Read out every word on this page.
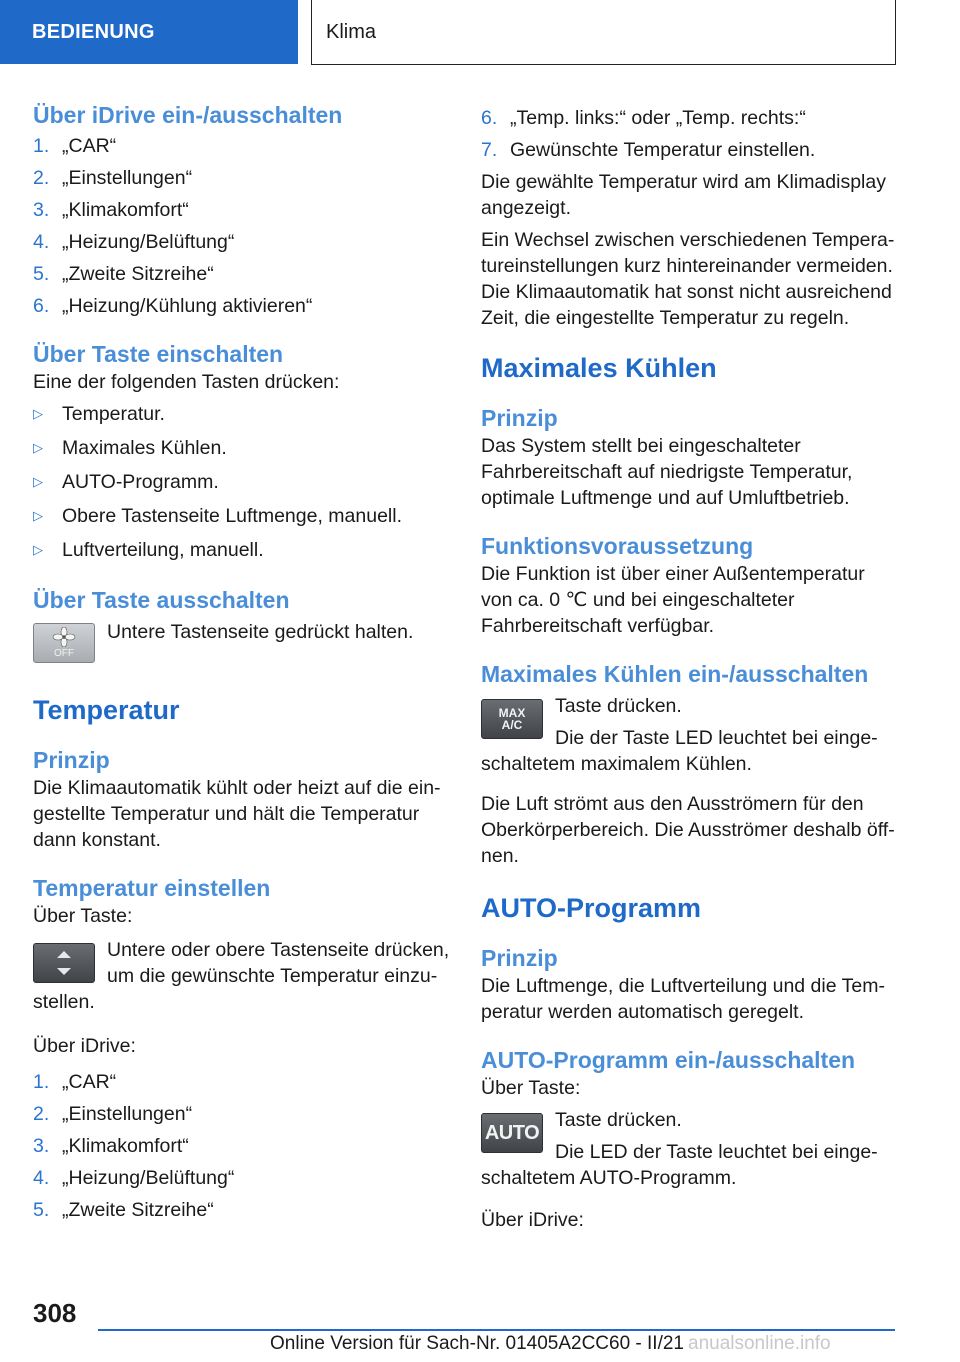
BEDIENUNG	Klima
Über iDrive ein-/ausschalten
1. „CAR“
2. „Einstellungen“
3. „Klimakomfort“
4. „Heizung/Belüftung“
5. „Zweite Sitzreihe“
6. „Heizung/Kühlung aktivieren“
Über Taste einschalten

Eine der folgenden Tasten drücken:

▷ Temperatur.
▷ Maximales Kühlen.
▷ AUTO-Programm.
▷ Obere Tastenseite Luftmenge, manuell.
▷ Luftverteilung, manuell.
Über Taste ausschalten
OFF

Untere Tastenseite gedrückt halten.

Temperatur
Prinzip

Die Klimaautomatik kühlt oder heizt auf die eingestellte Temperatur und hält die Temperatur dann konstant.

Temperatur einstellen

Über Taste:

Untere oder obere Tastenseite drücken, um die gewünschte Temperatur einzustellen.

Über iDrive:

1. „CAR“
2. „Einstellungen“
3. „Klimakomfort“
4. „Heizung/Belüftung“
5. „Zweite Sitzreihe“
6. „Temp. links:“ oder „Temp. rechts:“
7. Gewünschte Temperatur einstellen.

Die gewählte Temperatur wird am Klimadisplay angezeigt.

Ein Wechsel zwischen verschiedenen Temperatureinstellungen kurz hintereinander vermeiden. Die Klimaautomatik hat sonst nicht ausreichend Zeit, die eingestellte Temperatur zu regeln.

Maximales Kühlen
Prinzip

Das System stellt bei eingeschalteter Fahrbereitschaft auf niedrigste Temperatur, optimale Luftmenge und auf Umluftbetrieb.

Funktionsvoraussetzung

Die Funktion ist über einer Außentemperatur von ca. 0 ℃ und bei eingeschalteter Fahrbereitschaft verfügbar.

Maximales Kühlen ein-/ausschalten
MAX
A/C

Taste drücken.

Die der Taste LED leuchtet bei eingeschaltetem maximalem Kühlen.

Die Luft strömt aus den Ausströmern für den Oberkörperbereich. Die Ausströmer deshalb öffnen.

AUTO-Programm
Prinzip

Die Luftmenge, die Luftverteilung und die Temperatur werden automatisch geregelt.

AUTO-Programm ein-/ausschalten

Über Taste:

AUTO

Taste drücken.

Die LED der Taste leuchtet bei eingeschaltetem AUTO-Programm.

Über iDrive:

308
Online Version für Sach-Nr. 01405A2CC60 - II/21 anualsonline.info
